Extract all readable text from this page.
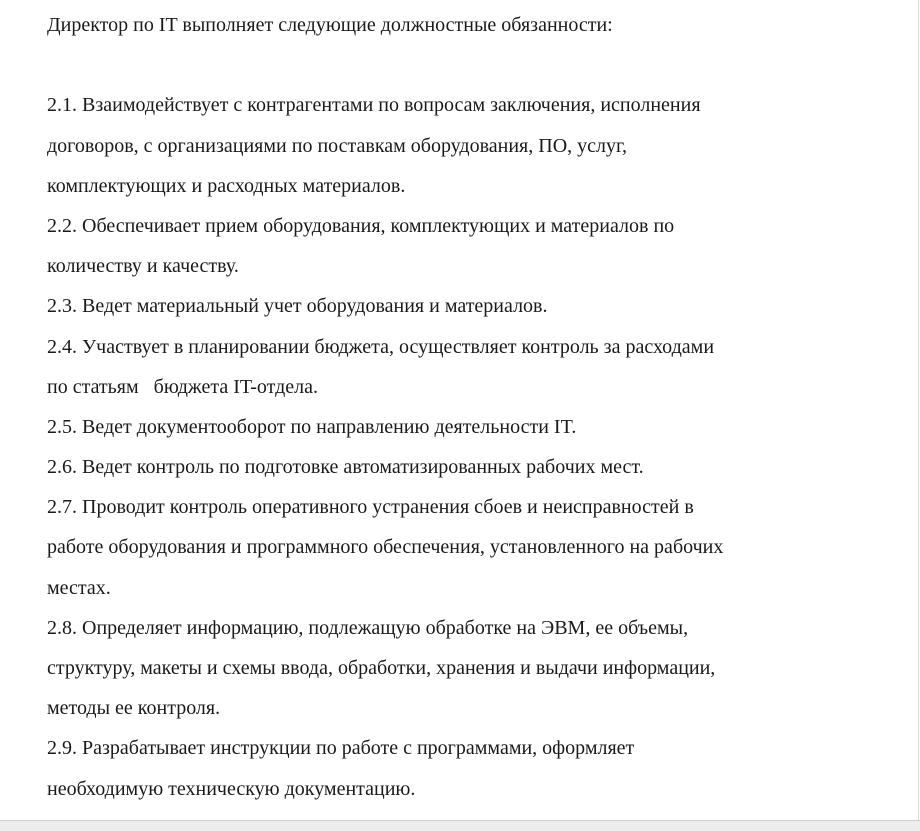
Директор по IT выполняет следующие должностные обязанности:
2.1. Взаимодействует с контрагентами по вопросам заключения, исполнения
договоров, с организациями по поставкам оборудования, ПО, услуг,
комплектующих и расходных материалов.
2.2. Обеспечивает прием оборудования, комплектующих и материалов по
количеству и качеству.
2.3. Ведет материальный учет оборудования и материалов.
2.4. Участвует в планировании бюджета, осуществляет контроль за расходами
по статьям   бюджета IT-отдела.
2.5. Ведет документооборот по направлению деятельности IT.
2.6. Ведет контроль по подготовке автоматизированных рабочих мест.
2.7. Проводит контроль оперативного устранения сбоев и неисправностей в
работе оборудования и программного обеспечения, установленного на рабочих
местах.
2.8. Определяет информацию, подлежащую обработке на ЭВМ, ее объемы,
структуру, макеты и схемы ввода, обработки, хранения и выдачи информации,
методы ее контроля.
2.9. Разрабатывает инструкции по работе с программами, оформляет
необходимую техническую документацию.
